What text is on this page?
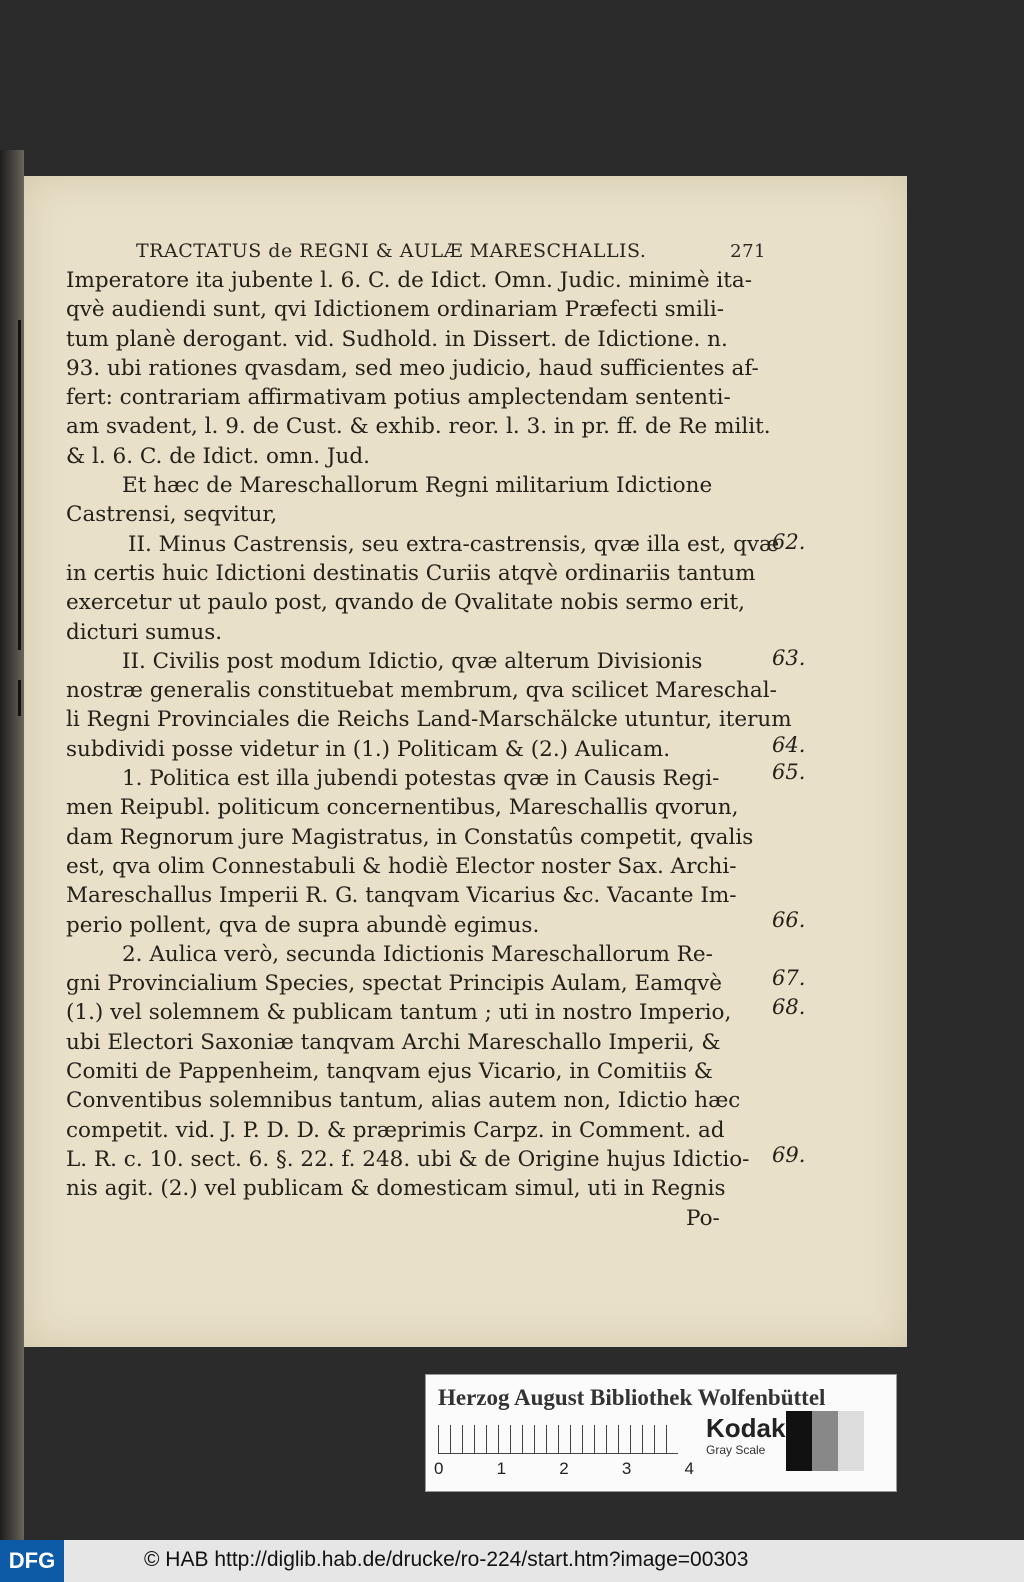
TRACTATUS de REGNI & AULÆ MARESCHALLIS.	271
Imperatore ita jubente l. 6. C. de Idict. Omn. Judic. minimè ita-
qvè audiendi sunt, qvi Idictionem ordinariam Præfecti smili-
tum planè derogant. vid. Sudhold. in Dissert. de Idictione. n.
93. ubi rationes qvasdam, sed meo judicio, haud sufficientes af-
fert: contrariam affirmativam potius amplectendam sententi-
am svadent, l. 9. de Cust. & exhib. reor. l. 3. in pr. ff. de Re milit.
& l. 6. C. de Idict. omn. Jud.
Et hæc de Mareschallorum Regni militarium Idictione
Castrensi, seqvitur,
II. Minus Castrensis, seu extra-castrensis, qvæ illa est, qvæ
in certis huic Idictioni destinatis Curiis atqvè ordinariis tantum
exercetur ut paulo post, qvando de Qvalitate nobis sermo erit,
dicturi sumus.
II. Civilis post modum Idictio, qvæ alterum Divisionis
nostræ generalis constituebat membrum, qva scilicet Mareschal-
li Regni Provinciales die Reichs Land-Marschälcke utuntur, iterum
subdividi posse videtur in (1.) Politicam & (2.) Aulicam.
1. Politica est illa jubendi potestas qvæ in Causis Regi-
men Reipubl. politicum concernentibus, Mareschallis qvorun,
dam Regnorum jure Magistratus, in Constatûs competit, qvalis
est, qva olim Connestabuli & hodiè Elector noster Sax. Archi-
Mareschallus Imperii R. G. tanqvam Vicarius &c. Vacante Im-
perio pollent, qva de supra abundè egimus.
2. Aulica verò, secunda Idictionis Mareschallorum Re-
gni Provincialium Species, spectat Principis Aulam, Eamqvè
(1.) vel solemnem & publicam tantum ; uti in nostro Imperio,
ubi Electori Saxoniæ tanqvam Archi Mareschallo Imperii, &
Comiti de Pappenheim, tanqvam ejus Vicario, in Comitiis &
Conventibus solemnibus tantum, alias autem non, Idictio hæc
competit. vid. J. P. D. D. & præprimis Carpz. in Comment. ad
L. R. c. 10. sect. 6. §. 22. f. 248. ubi & de Origine hujus Idictio-
nis agit. (2.) vel publicam & domesticam simul, uti in Regnis
Po-
62.
63.
64.
65.
66.
67.
68.
69.
Herzog August Bibliothek Wolfenbüttel
0	1	2	3	4
Kodak
Gray Scale
DFG	© HAB http://diglib.hab.de/drucke/ro-224/start.htm?image=00303
